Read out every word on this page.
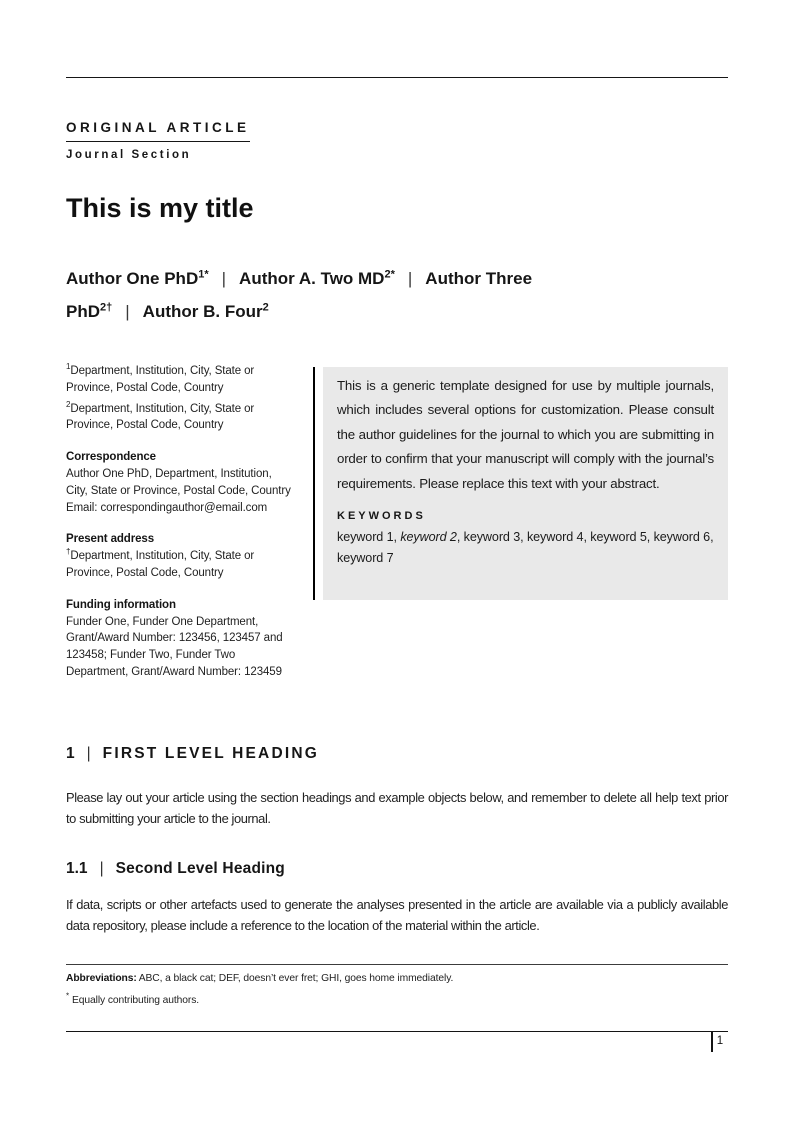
ORIGINAL ARTICLE
Journal Section
This is my title
Author One PhD$^{1*}$ | Author A. Two $MD^{2*}$ | Author Three PhD$^{2\dagger}$ | Author B. Four$^2$

$^1$Department, Institution, City, State or Province, Postal Code, Country

$^2$Department, Institution, City, State or Province, Postal Code, Country

Correspondence

Author One PhD, Department, Institution, City, State or Province, Postal Code, Country

Email: correspondingauthor@email.com

Present address

†Department, Institution, City, State or Province, Postal Code, Country

Funding information

Funder One, Funder One Department, Grant/Award Number: 123456, 123457 and 123458; Funder Two, Funder Two Department, Grant/Award Number: 123459

This is a generic template designed for use by multiple journals, which includes several options for customization. Please consult the author guidelines for the journal to which you are submitting in order to confirm that your manuscript will comply with the journal’s requirements. Please replace this text with your abstract.

KEYWORDS
keyword 1, keyword 2, keyword 3, keyword 4, keyword 5, keyword 6, keyword 7
1 | FIRST LEVEL HEADING

Please lay out your article using the section headings and example objects below, and remember to delete all help text prior to submitting your article to the journal.

1.1 | Second Level Heading

If data, scripts or other artefacts used to generate the analyses presented in the article are available via a publicly available data repository, please include a reference to the location of the material within the article.

Abbreviations: ABC, a black cat; DEF, doesn’t ever fret; GHI, goes home immediately.
* Equally contributing authors.
1
